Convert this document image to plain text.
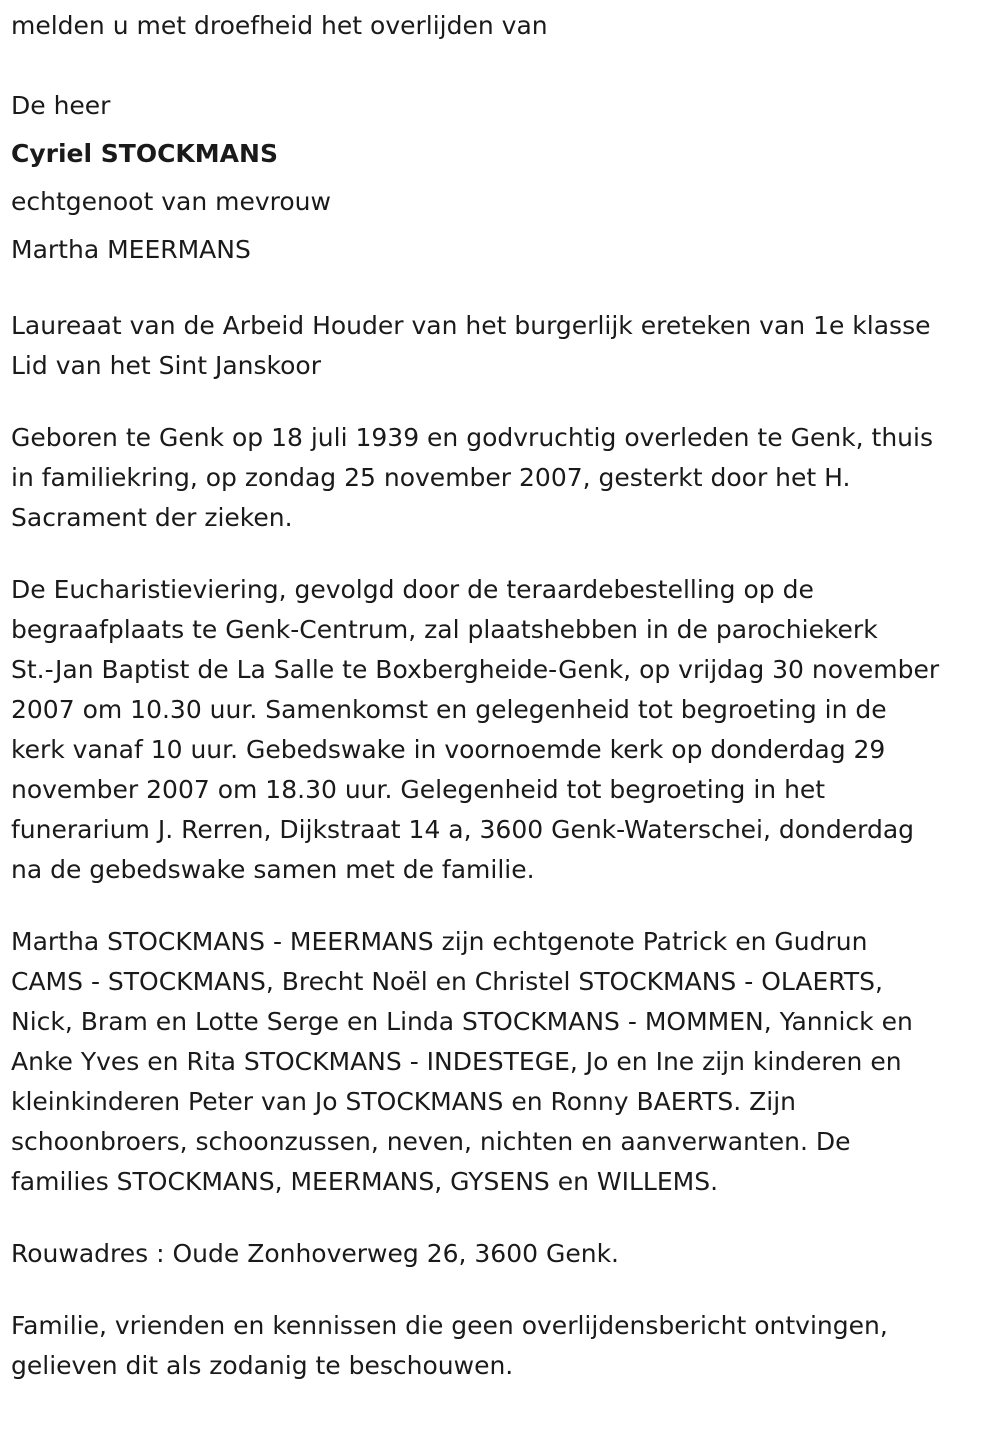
melden u met droefheid het overlijden van

De heer

Cyriel STOCKMANS

echtgenoot van mevrouw

Martha MEERMANS

Laureaat van de Arbeid Houder van het burgerlijk ereteken van 1e klasse

Lid van het Sint Janskoor

Geboren te Genk op 18 juli 1939 en godvruchtig overleden te Genk, thuis

in familiekring, op zondag 25 november 2007, gesterkt door het H.

Sacrament der zieken.

De Eucharistieviering, gevolgd door de teraardebestelling op de

begraafplaats te Genk-Centrum, zal plaatshebben in de parochiekerk

St.-Jan Baptist de La Salle te Boxbergheide-Genk, op vrijdag 30 november

2007 om 10.30 uur. Samenkomst en gelegenheid tot begroeting in de

kerk vanaf 10 uur. Gebedswake in voornoemde kerk op donderdag 29

november 2007 om 18.30 uur. Gelegenheid tot begroeting in het

funerarium J. Rerren, Dijkstraat 14 a, 3600 Genk-Waterschei, donderdag

na de gebedswake samen met de familie.

Martha STOCKMANS - MEERMANS zijn echtgenote Patrick en Gudrun

CAMS - STOCKMANS, Brecht Noël en Christel STOCKMANS - OLAERTS,

Nick, Bram en Lotte Serge en Linda STOCKMANS - MOMMEN, Yannick en

Anke Yves en Rita STOCKMANS - INDESTEGE, Jo en Ine zijn kinderen en

kleinkinderen Peter van Jo STOCKMANS en Ronny BAERTS. Zijn

schoonbroers, schoonzussen, neven, nichten en aanverwanten. De

families STOCKMANS, MEERMANS, GYSENS en WILLEMS.

Rouwadres : Oude Zonhoverweg 26, 3600 Genk.

Familie, vrienden en kennissen die geen overlijdensbericht ontvingen,

gelieven dit als zodanig te beschouwen.
